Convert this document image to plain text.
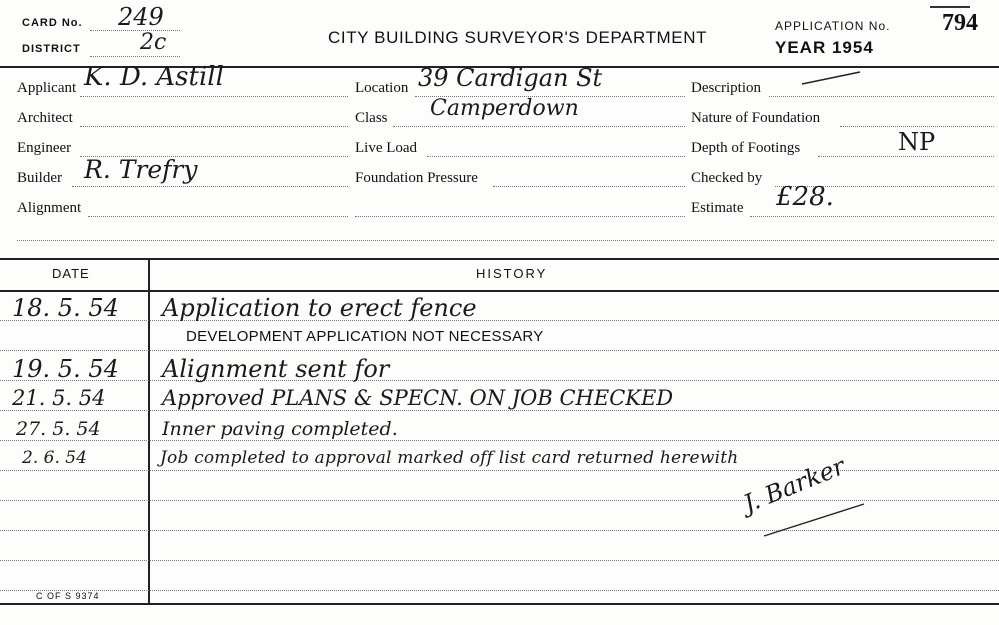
CARD No. 249
DISTRICT	2c	CITY BUILDING SURVEYOR'S DEPARTMENT
APPLICATION No. 794
YEAR 1954
Applicant K. D. Astill
Architect
Engineer
Builder R. Trefry
Alignment
Location 39 Cardigan St
Class Camperdown
Live Load
Foundation Pressure
Description
Nature of Foundation
Depth of Footings	NP
Checked by
Estimate £28.
DATE	HISTORY
18. 5. 54 Application to erect fence
DEVELOPMENT APPLICATION NOT NECESSARY
19. 5. 54 Alignment sent for
21. 5. 54	Approved PLANS & SPECN. ON JOB CHECKED
27. 5. 54	Inner paving completed.
2. 6. 54	Job completed to approval marked off list card returned herewith J. Barker
C OF S 9374
